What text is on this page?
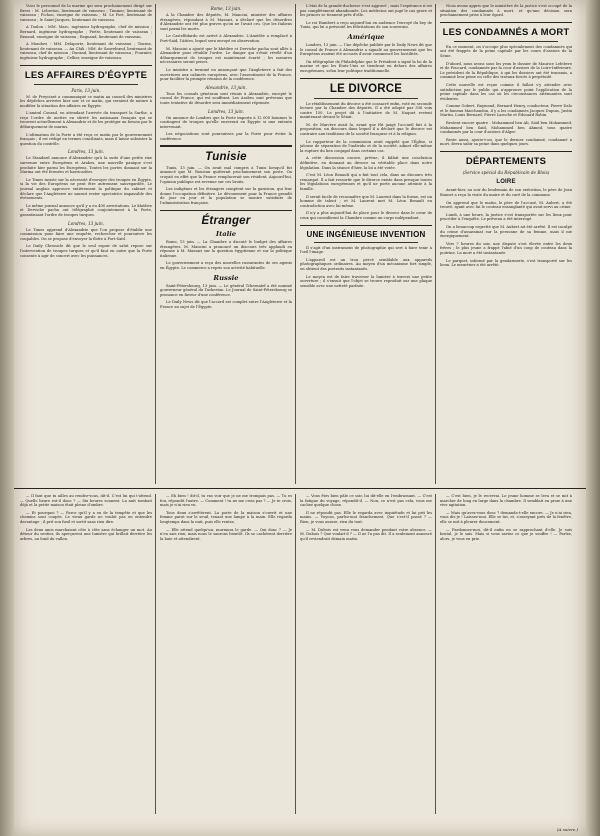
Voici le personnel de la marine qui sera prochainement dirigé sur Brest : M. Lebreton, lieutenant de vaisseau ; Timmer, lieutenant de vaisseau ; Pichon, enseigne de vaisseau ; M. Le Fort, lieutenant de vaisseau ; le Saint-Jacques, lieutenant de vaisseau.

A Toulon : MM. Marc, ingénieur hydrographe, chef de mission ; Bernard, ingénieur hydrographe ; Piette, lieutenant de vaisseau ; Renaud, enseigne de vaisseau ; Regnaud, lieutenant de vaisseau.

A Mondovi : MM. Delaporte, lieutenant de vaisseau ; Tourne, lieutenant de vaisseau. — Au Chili : MM. de Sauvebœuf, lieutenant de vaisseau, chef de mission ; Durand, lieutenant de vaisseau ; Fournier, ingénieur hydrographe ; Cellier, enseigne de vaisseau.

LES AFFAIRES D'ÉGYPTE
Paris, 13 juin.

M. de Freycinet a communiqué ce matin au conseil des ministres les dépêches arrivées hier soir et ce matin, qui seraient de nature à modifier la situation des affaires en Égypte.

L'amiral Conrad, en attendant l'arrivée du transport la Sarthe, a reçu l'ordre de mettre en sûreté les nationaux français qui se trouvent actuellement à Alexandrie et de les protéger au besoin par le débarquement de marins.

L'ultimatum de la Porte a été reçu ce matin par le gouvernement français ; il est rédigé en termes conciliants, mais il laisse subsister la question du contrôle.

Londres, 13 juin.

Le Standard annonce d'Alexandrie qu'à la suite d'une petite rixe survenue entre Européens et Arabes, une nouvelle panique s'est produite hier parmi les Européens. Toutes les portes donnant sur la Marina ont été fermées et barricadées.

Le Times insiste sur la nécessité d'envoyer des troupes en Égypte, si la vie des Européens ne peut être autrement sauvegardée. Le journal anglais approuve entièrement la politique du cabinet et déclare que l'Angleterre ne saurait rester spectatrice impassible des événements.

Le même journal annonce qu'il y a eu 400 arrestations. Le khédive et Derviche pacha ont télégraphié conjointement à la Porte, garantissant l'ordre de troupes turques.

Londres, 13 juin.

Le Times apprend d'Alexandrie que l'on propose d'établir une commission pour faire une enquête, rechercher et poursuivre les coupables. On se propose d'envoyer la flotte à Port-Saïd.

Le Daily Chronicle dit que le seul espoir de salut repose sur l'intervention de troupes turques et qu'il faut en outre que la Porte consente à agir de concert avec les puissances.

Rome, 13 juin.

A la Chambre des députés, M. Mancini, ministre des affaires étrangères, répondant à M. Massari, a déclaré que les désordres d'Alexandrie ont été plus graves qu'on ne l'avait cru. Que les Italiens sont parmi les morts.

Le Castelfidardo est arrivé à Alexandrie. L'Amédée a remplacé à Port-Saïd, l'Attivo, lequel sera envoyé en observation.

M. Mancini a ajouté que le khédive et Derviche pacha sont allés à Alexandrie pour rétablir l'ordre. Le danger qui s'était révélé d'un débarquement de troupes est maintenant écarté ; les mesures nécessaires seront prises.

Le ministre a terminé en annonçant que l'Angleterre a fait des ouvertures aux cabinets européens, avec l'assentiment de la France, pour faciliter la prompte réunion de la conférence.

Alexandrie, 13 juin.

Tous les consuls généraux sont réunis à Alexandrie, excepté le consul de France, qui est souffrant. Les Arabes sont prévenus que toute tentative de désordre sera immédiatement réprimée.

Londres, 13 juin.

On annonce de Londres que la Porte importe à 12 000 hommes le contingent de troupes qu'elle enverrait en Égypte si une entente intervenait.

Les négociations sont poursuivies par la Porte pour éviter la conférence.

Tunisie

Tunis, 13 juin. — On avait mal compris à Tunis lorsqu'il fut annoncé que M. Roustan quitterait prochainement son poste. On croyait en effet que la France remplacerait son résident. Aujourd'hui, l'opinion publique est revenue sur ces bruits.

Les indigènes et les étrangers comptent sur la garnison, qui leur donne l'occupation définitive. Le dévouement pour la France grandit de jour en jour et la population se montre satisfaite de l'administration française.

Étranger
Italie

Rome, 13 juin. — La Chambre a discuté le budget des affaires étrangères. M. Mancini a prononcé un discours très applaudi en réponse à M. Massari sur la question égyptienne et sur la politique italienne.

Le gouvernement a reçu des nouvelles rassurantes de ses agents en Égypte. Le commerce a repris son activité habituelle.

Russie

Saint-Pétersbourg, 13 juin. — Le général Tchernaïef a été nommé gouverneur général du Turkestan. Le Journal de Saint-Pétersbourg se prononce en faveur d'une conférence.

Le Daily News dit que l'accord est complet entre l'Angleterre et la France au sujet de l'Égypte.

L'état de la grande-duchesse s'est aggravé ; mais l'espérance n'est pas complètement abandonnée. Les médecins ont jugé le cas grave et les princes se tiennent près d'elle.

Le roi Humbert a reçu aujourd'hui en audience l'envoyé du bey de Tunis, qui lui a présenté les félicitations de son souverain.

Amérique

Londres, 13 juin. — Une dépêche publiée par le Daily News dit que le consul de France à Alexandrie a signalé au gouvernement que les Européens avaient été accusés d'avoir commencé les hostilités.

On télégraphie de Philadelphie que le Président a signé la loi de la marine et que les États-Unis se tiendront en dehors des affaires européennes, selon leur politique traditionnelle.

LE DIVORCE

Le rétablissement du divorce a été consacré enfin, voté en seconde lecture par la Chambre des députés. Il a été adopté par 336 voix contre 150. Le projet dû à l'initiative de M. Naquet revient maintenant devant le Sénat.

M. de Marcère avait lu, avant que fût jaugé l'accueil fait à la proposition, un discours dans lequel il a déclaré que le divorce est contraire aux traditions de la société française et à la religion.

Le rapporteur de la commission avait rappelé que l'Église, si jalouse de séparation de l'individu et de la société, admet elle-même la rupture du lien conjugal dans certains cas.

A cette discussion encore, prévue, il fallait une conclusion définitive, en donnant au divorce sa véritable place dans notre législation. Dans la séance d'hier, la loi a été votée.

C'est M. Léon Renault qui a fait tout cela, dans un discours très remarqué. Il a fait ressortir que le divorce existe dans presque toutes les législations européennes et qu'il ne porte aucune atteinte à la famille.

Il serait facile de reconnaître que M. Laurent dans la forme, est un homme de talent ; et M. Laurent met M. Léon Renault en contradiction avec lui-même.

Il n'y a plus aujourd'hui de place pour le divorce dans le cœur de ceux qui considèrent la Chambre comme un corps indépendant.

UNE INGÉNIEUSE INVENTION

Il s'agit d'un instrument de photographie qui sert à faire tenir à l'œil l'image.

L'appareil est un trou percé semblable aux appareils photographiques ordinaires. Au moyen d'un mécanisme fort simple, on obtient des portraits instantanés.

Le moyen est de faire traverser la lumière à travers une petite ouverture ; il s'ensuit que l'objet se trouve reproduit sur une plaque sensible avec une netteté parfaite.

Nous avons appris que le ministère de la justice s'est occupé de la situation des condamnés à mort, et qu'une décision sera prochainement prise à leur égard.

LES CONDAMNÉS A MORT

En ce moment, on s'occupe plus spécialement des condamnés qui ont été frappés de la peine capitale par les cours d'assises de la Seine.

D'abord, nous avons sous les yeux le dossier de Maurice Lefebvre et de Foucard, condamnés par la cour d'assises de la Loire-Inférieure. Le président de la République, à qui les dossiers ont été transmis, a commué leur peine en celle des travaux forcés à perpétuité.

Cette nouvelle est reçue comme il fallait s'y attendre avec satisfaction par le public qui n'approuve point l'application de la peine capitale dans les cas où les circonstances atténuantes sont évidentes.

Comme Gobert, Raymond, Bernard Henry, conducteur, Pierre Dalo et le fameux Marchandon, il y a les condamnés Jacques Dupuis, Justin Martin, Louis Bernard, Pierre Laroche et Édouard Robin.

Restent encore quatre : Mohammed ben Ali, Saïd ben Mohammed, Mohammed ben Saïd, Mohammed ben Ahmed, tous quatre condamnés par la cour d'assises d'Alger.

Reste aussi, ajoute-t-on, que le dernier condamné, condamné à mort, devra subir sa peine dans quelques jours.

DÉPARTEMENTS
(Service spécial du Républicain de Blois)
LOIRE

Avant-hier, au soir du lendemain de son exécution, le père de Jean Bonnet a reçu la visite du maire et du curé de la commune.

On apprend que le matin, le père de l'accusé, M. Aubert, a été trouvé, ayant avec lui le couteau ensanglanté qui avait servi au crime.

Lundi, à une heure, la justice s'est transportée sur les lieux pour procéder à l'enquête. Le prévenu a été interrogé.

On a beaucoup regretté que M. Aubert ait été arrêté. Il est inculpé du crime d'assassinat sur la personne de sa femme, mais il nie énergiquement.

Vers 7 heures du soir, une dispute s'est élevée entre les deux frères ; le plus jeune a frappé l'aîné d'un coup de couteau dans la poitrine. La mort a été instantanée.

Le parquet, informé par la gendarmerie, s'est transporté sur les lieux. Le meurtrier a été arrêté.

— Il faut que tu ailles au rendez-vous, dit-il. C'est lui qui t'attend. — Quelle heure est-il donc ? — Six heures sonnent. La nuit tombait déjà et la petite maison était pleine d'ombre.

— Et pourquoi ? — Parce qu'il y a eu de la tempête et que les chemins sont coupés. Le vieux garde ne voulut pas en entendre davantage ; il prit son fusil et sortit sans rien dire.

Les deux amis marchaient côte à côte sans échanger un mot. Au détour du sentier, ils aperçurent une lumière qui brillait derrière les arbres, au fond du vallon.

— Eh bien ! dit-il, tu vas voir que je ne me trompais pas. — Tu es fou, répondit l'autre. — Comment ! tu ne me crois pas ? — Je te crois, mais je n'ai rien vu.

Tous deux s'arrêtèrent. La porte de la maison s'ouvrit et une femme parut sur le seuil, tenant une lampe à la main. Elle regarda longtemps dans la nuit, puis elle rentra.

— Elle attend quelqu'un, murmura le garde. — Qui donc ? — Je n'en sais rien, mais nous le saurons bientôt. Ils se cachèrent derrière la haie et attendirent.

— Vous êtes bien pâle ce soir, lui dit-elle en l'embrassant. — C'est la fatigue du voyage, répondit-il. — Non, ce n'est pas cela, vous me cachez quelque chose.

Il ne répondit pas. Elle le regarda avec inquiétude et lui prit les mains. — Voyons, parlez-moi franchement. Que s'est-il passé ? — Rien, je vous assure, rien du tout.

— M. Dubois est venu vous demander pendant votre absence. — M. Dubois ? Que voulait-il ? — Il ne l'a pas dit. Il a seulement annoncé qu'il reviendrait demain matin.

— C'est bien, je le recevrai. Le jeune homme se leva et se mit à marcher de long en large dans la chambre. Il semblait en proie à une vive agitation.

— Mais qu'avez-vous donc ? demanda-t-elle encore. — Je n'ai rien, vous dis-je ! Laissez-moi. Elle se tut, et, s'asseyant près de la fenêtre, elle se mit à pleurer doucement.

— Pardonnez-moi, dit-il enfin en se rapprochant d'elle. Je suis brutal, je le sais. Mais si vous saviez ce que je souffre ! — Parlez, alors, je vous en prie.

(A suivre.)
